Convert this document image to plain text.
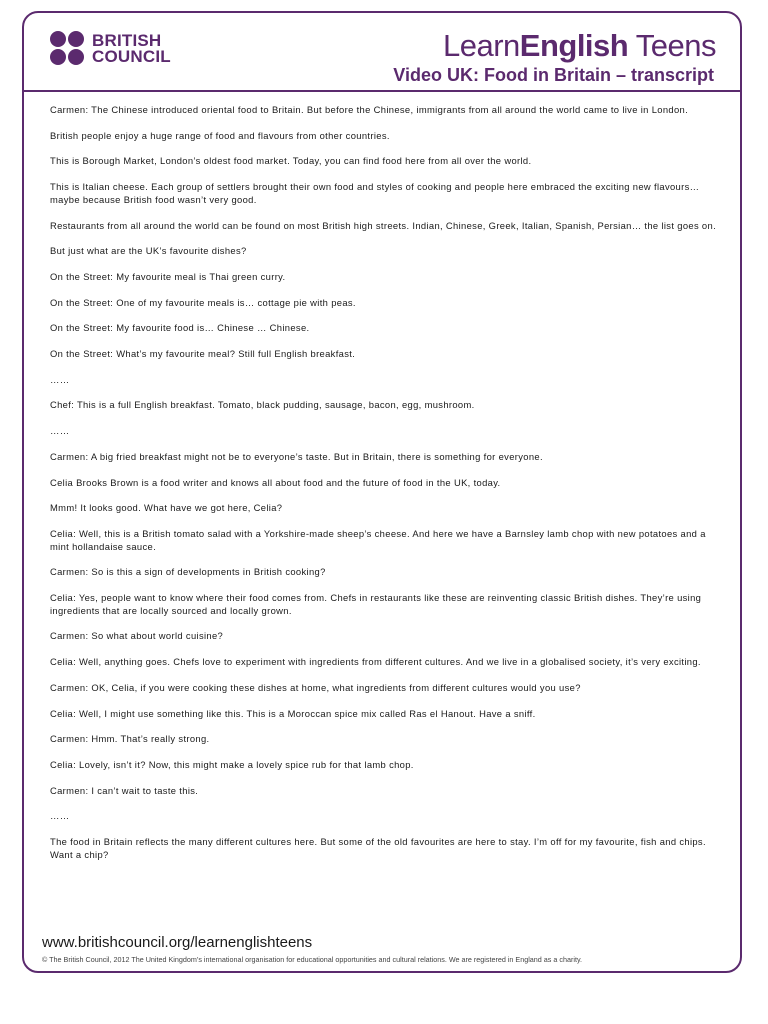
BRITISH
COUNCIL	LearnEnglish Teens
Video UK: Food in Britain – transcript

Carmen: The Chinese introduced oriental food to Britain. But before the Chinese, immigrants from all around the world came to live in London.

British people enjoy a huge range of food and flavours from other countries.

This is Borough Market, London’s oldest food market. Today, you can find food here from all over the world.

This is Italian cheese. Each group of settlers brought their own food and styles of cooking and people here embraced the exciting new flavours… maybe because British food wasn’t very good.

Restaurants from all around the world can be found on most British high streets. Indian, Chinese, Greek, Italian, Spanish, Persian… the list goes on.

But just what are the UK’s favourite dishes?

On the Street: My favourite meal is Thai green curry.

On the Street: One of my favourite meals is… cottage pie with peas.

On the Street: My favourite food is… Chinese … Chinese.

On the Street: What’s my favourite meal? Still full English breakfast.

……

Chef: This is a full English breakfast. Tomato, black pudding, sausage, bacon, egg, mushroom.

……

Carmen: A big fried breakfast might not be to everyone’s taste. But in Britain, there is something for everyone.

Celia Brooks Brown is a food writer and knows all about food and the future of food in the UK, today.

Mmm! It looks good. What have we got here, Celia?

Celia: Well, this is a British tomato salad with a Yorkshire-made sheep’s cheese. And here we have a Barnsley lamb chop with new potatoes and a mint hollandaise sauce.

Carmen: So is this a sign of developments in British cooking?

Celia: Yes, people want to know where their food comes from. Chefs in restaurants like these are reinventing classic British dishes. They’re using ingredients that are locally sourced and locally grown.

Carmen: So what about world cuisine?

Celia: Well, anything goes. Chefs love to experiment with ingredients from different cultures. And we live in a globalised society, it’s very exciting.

Carmen: OK, Celia, if you were cooking these dishes at home, what ingredients from different cultures would you use?

Celia: Well, I might use something like this. This is a Moroccan spice mix called Ras el Hanout. Have a sniff.

Carmen: Hmm. That’s really strong.

Celia: Lovely, isn’t it? Now, this might make a lovely spice rub for that lamb chop.

Carmen: I can’t wait to taste this.

……

The food in Britain reflects the many different cultures here. But some of the old favourites are here to stay. I’m off for my favourite, fish and chips. Want a chip?

www.britishcouncil.org/learnenglishteens
© The British Council, 2012 The United Kingdom’s international organisation for educational opportunities and cultural relations. We are registered in England as a charity.
